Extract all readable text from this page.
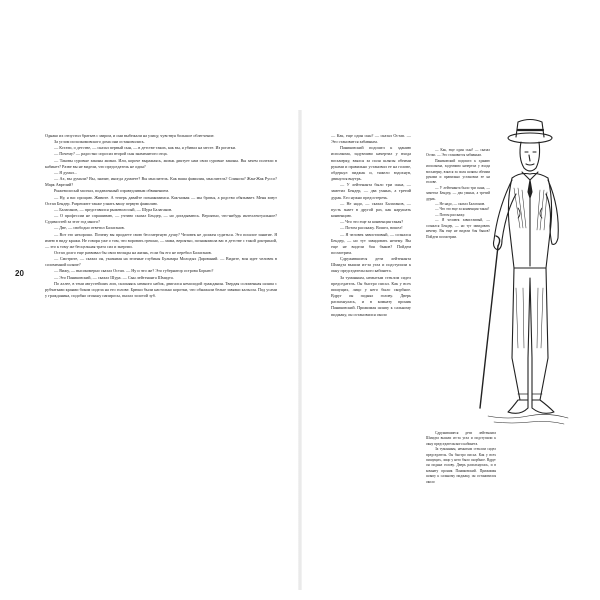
20

Однако их отпустил братьев с миром, и они выбежали на улицу, чувствуя большое облегчение.

За углом исполкомовского дома они остановились.

— Кстати, о детстве, — сказал первый сын, — в детстве таких, как вы, я убивал на месте. Из рогатки.

— Почему? — радостно спросил второй сын знаменитого отца.

— Таковы суровые законы жизни. Или, короче выражаясь, жизнь диктует нам свои суровые законы. Вы зачем полезли в кабинет? Разве вы не видели, что председатель не один?

— Я думал...

— Ах, вы думали? Вы, значит, иногда думаете? Вы мыслитель. Как ваша фамилия, мыслитель? Спиноза? Жан-Жак Руссо? Марк Аврелий?

Рыжеволосый молчал, подавленный справедливым обвинением.

— Ну, я вас прощаю. Живите. А теперь давайте познакомимся. Как-никак — мы братья, а родство обязывает. Меня зовут Остап Бендер. Разрешите также узнать вашу первую фамилию.

— Балаганов, — представился рыжеволосый, — Шура Балаганов.

— О профессии не спрашиваю, — учтиво сказал Бендер, — но догадываюсь. Вероятно, что-нибудь интеллектуальное? Судимостей за этот год много?

— Две, — свободно ответил Балаганов.

— Вот это нехорошо. Почему вы продаете свою бессмертную душу? Человек не должен судиться. Это пошлое занятие. Я имею в виду кражи. Не говоря уже о том, что воровать грешно, — мама, вероятно, познакомила вас в детстве с такой доктриной, — это к тому же бесцельная трата сил и энергии.

Остап долго еще развивал бы свои взгляды на жизнь, если бы его не перебил Балаганов.

— Смотрите, — сказал он, указывая на зеленые глубины Бульвара Молодых Дарований. — Видите, вон идет человек в соломенной шляпе?

— Вижу, — высокомерно сказал Остап. — Ну и что же? Это губернатор острова Борнео?

— Это Паниковский, — сказал Шура. — Сын лейтенанта Шмидта.

По аллее, в тени августейших лип, склоняясь немного набок, двигался немолодой гражданин. Твердая соломенная шляпа с рубчатыми краями боком сидела на его голове. Брюки были настолько коротки, что обнажали белые завязки кальсон. Под усами у гражданина, подобно огоньку папиросы, пылал золотой зуб.

— Как, еще один сын? — сказал Остап. — Это становится забавным.

Паниковский подошел к зданию исполкома, задумчиво начертил у входа восьмерку, взялся за поля шляпы обеими руками и правильно установил ее на голове, обдернул пиджак и, тяжело вздохнув, двинулся внутрь.

— У лейтенанта было три сына, — заметил Бендер, — два умных, а третий дурак. Его нужно предостеречь.

— Не надо, — сказал Балаганов, — пусть знает в другой раз, как нарушать конвенцию.

— Что это еще за конвенция такая?

— Потом расскажу. Вошел, вошел!

— Я человек завистливый, — сознался Бендер, — но тут завидовать нечему. Вы еще не видели боя быков? Пойдем посмотрим.

Сдружившиеся дети лейтенанта Шмидта вышли из-за угла и подступили к окну председательского кабинета.

За туманным, немытым стеклом сидел председатель. Он быстро писал. Как у всех пишущих, лицо у него было скорбное. Вдруг он поднял голову. Дверь распахнулась, и в комнату проник Паниковский. Прижимая шляпу к сальному пиджаку, он остановился около

— Как, еще один сын? — сказал Остап. — Это становится забавным.

Паниковский подошел к зданию исполкома, задумчиво начертил у входа восьмерку, взялся за поля шляпы обеими руками и правильно установил ее на голове.

— У лейтенанта было три сына, — заметил Бендер, — два умных, а третий дурак.

— Не надо, — сказал Балаганов.

— Что это еще за конвенция такая?

— Потом расскажу.

— Я человек завистливый, — сознался Бендер, — но тут завидовать нечему. Вы еще не видели боя быков? Пойдем посмотрим.

Сдружившиеся дети лейтенанта Шмидта вышли из-за угла и подступили к окну председательского кабинета.

За туманным, немытым стеклом сидел председатель. Он быстро писал. Как у всех пишущих, лицо у него было скорбное. Вдруг он поднял голову. Дверь распахнулась, и в комнату проник Паниковский. Прижимая шляпу к сальному пиджаку, он остановился около
